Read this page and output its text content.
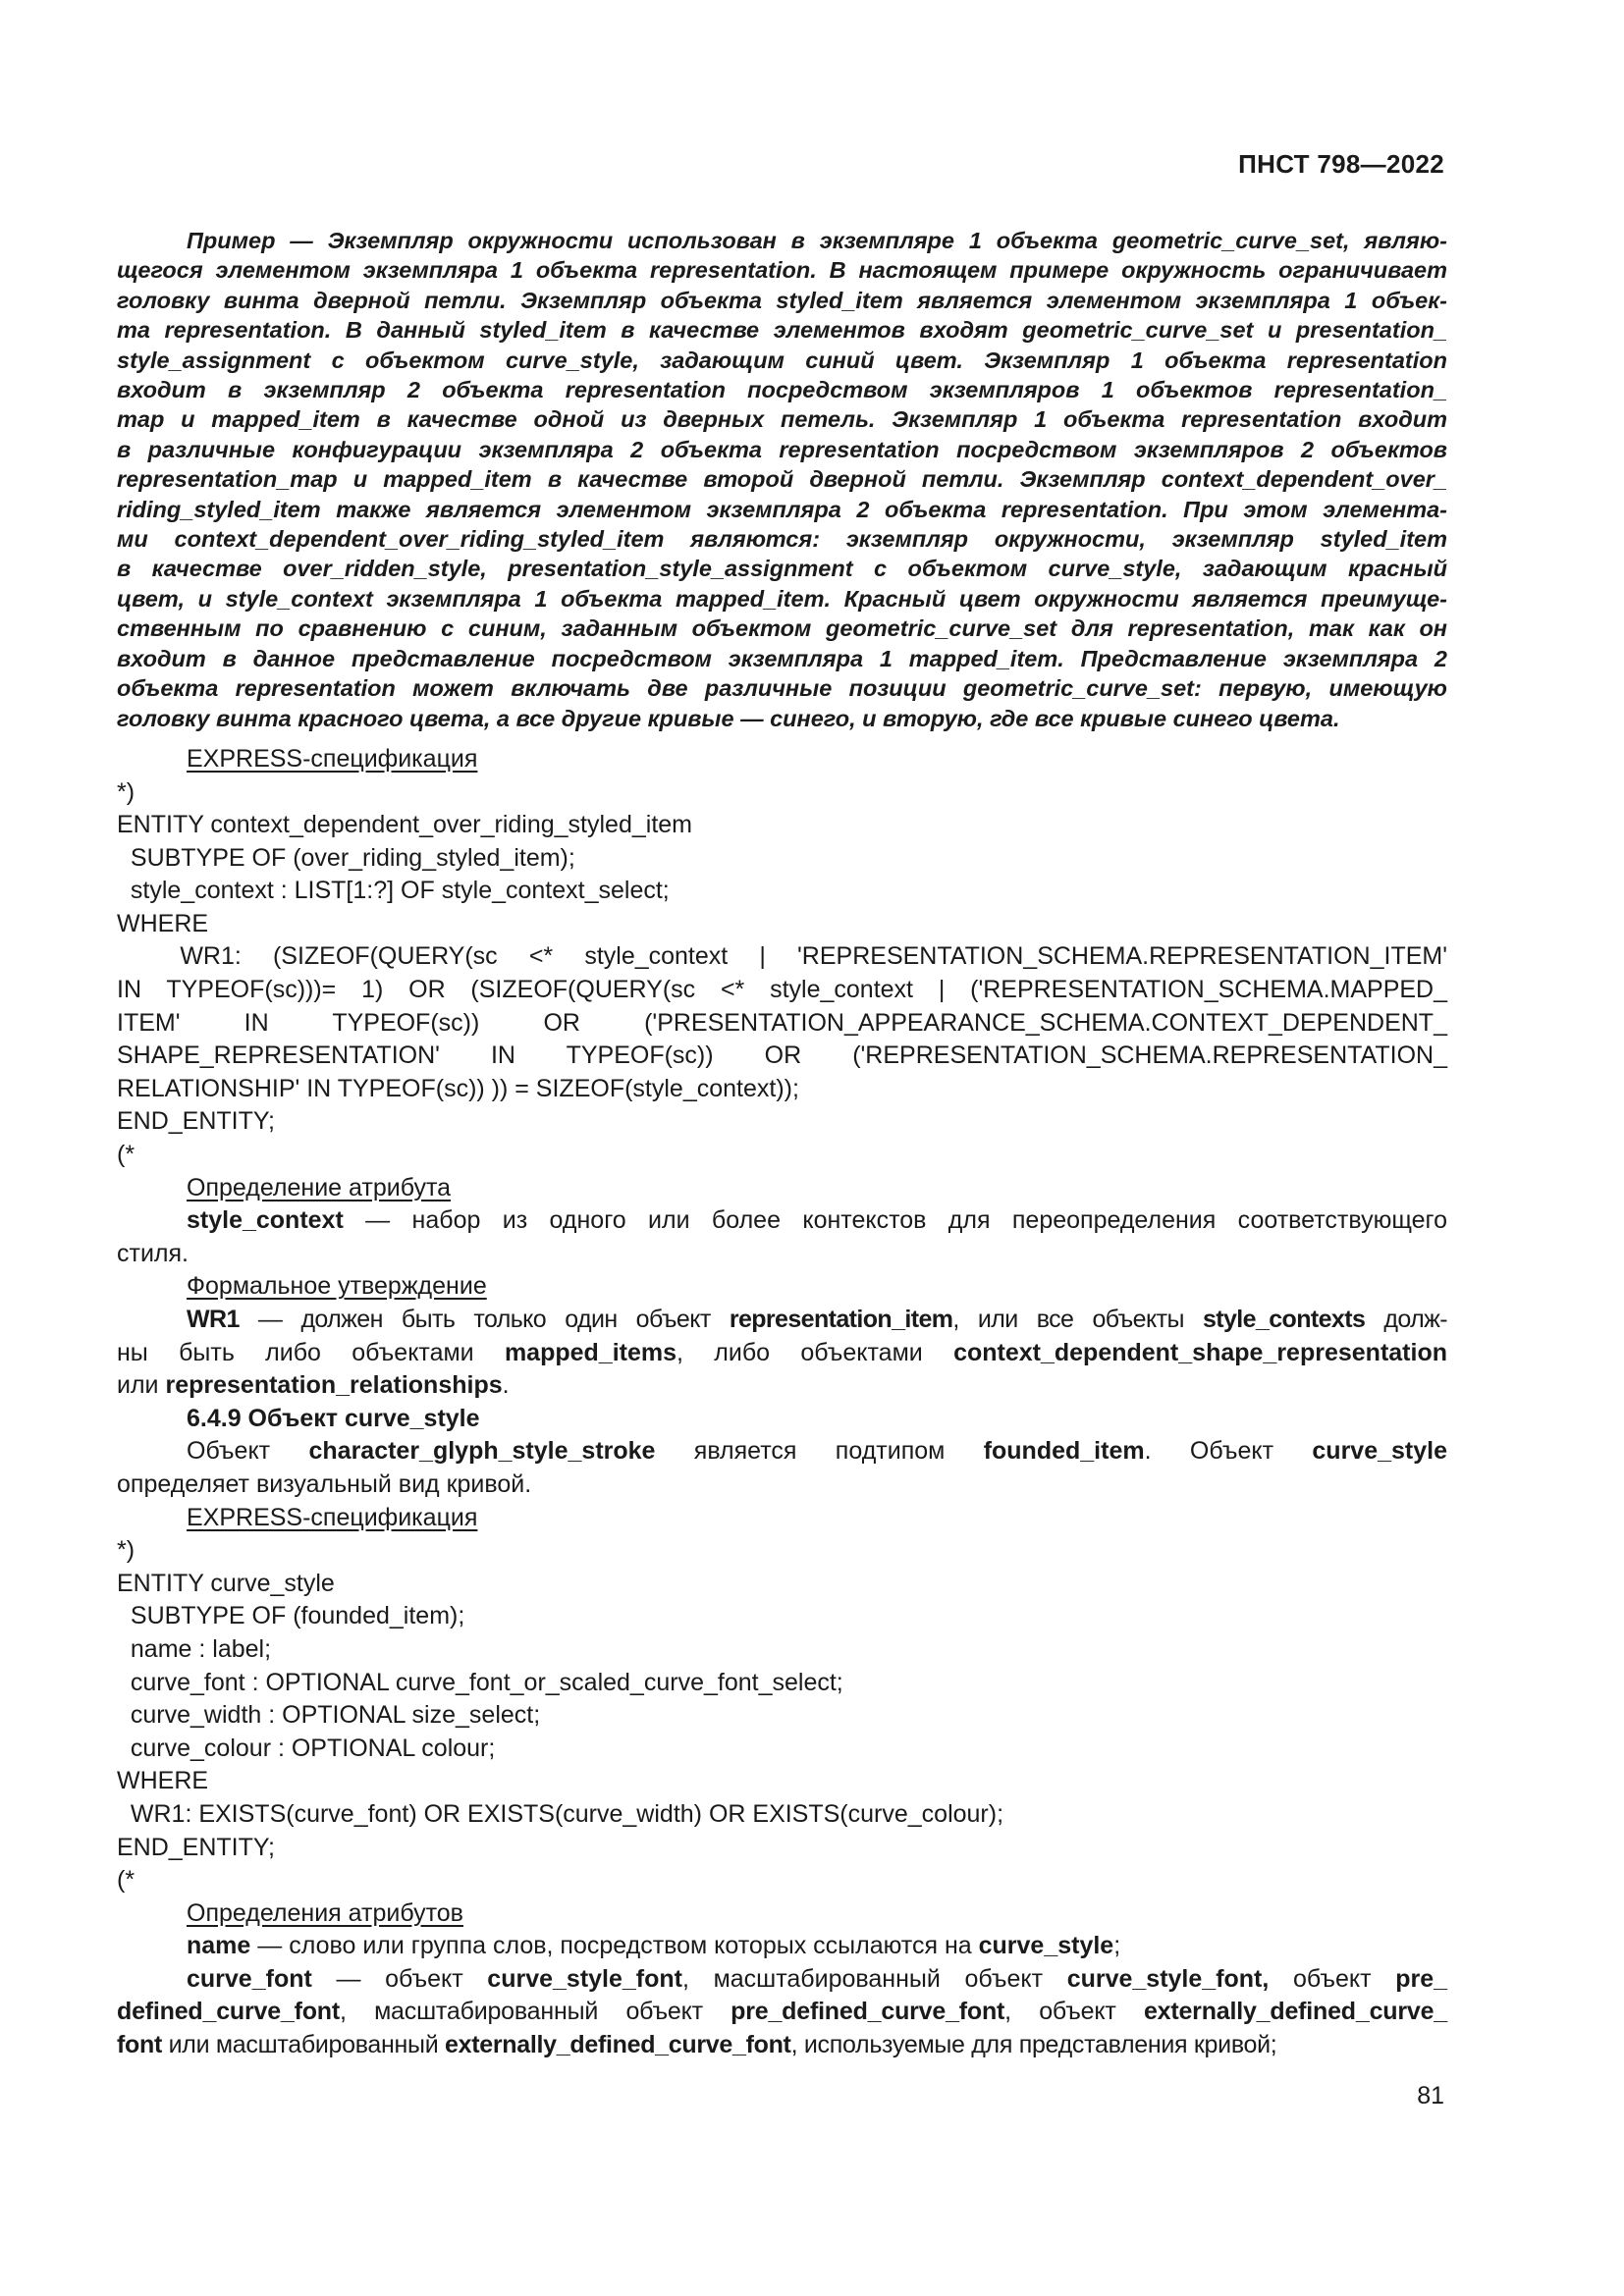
ПНСТ 798—2022

Пример — Экземпляр окружности использован в экземпляре 1 объекта geometric_curve_set, являю-

щегося элементом экземпляра 1 объекта representation. В настоящем примере окружность ограничивает

головку винта дверной петли. Экземпляр объекта styled_item является элементом экземпляра 1 объек-

та representation. В данный styled_item в качестве элементов входят geometric_curve_set и presentation_

style_assignment с объектом curve_style, задающим синий цвет. Экземпляр 1 объекта representation

входит в экземпляр 2 объекта representation посредством экземпляров 1 объектов representation_

map и mapped_item в качестве одной из дверных петель. Экземпляр 1 объекта representation входит

в различные конфигурации экземпляра 2 объекта representation посредством экземпляров 2 объектов

representation_map и mapped_item в качестве второй дверной петли. Экземпляр context_dependent_over_

riding_styled_item также является элементом экземпляра 2 объекта representation. При этом элемента-

ми context_dependent_over_riding_styled_item являются: экземпляр окружности, экземпляр styled_item

в качестве over_ridden_style, presentation_style_assignment с объектом curve_style, задающим красный

цвет, и style_context экземпляра 1 объекта mapped_item. Красный цвет окружности является преимуще-

ственным по сравнению с синим, заданным объектом geometric_curve_set для representation, так как он

входит в данное представление посредством экземпляра 1 mapped_item. Представление экземпляра 2

объекта representation может включать две различные позиции geometric_curve_set: первую, имеющую

головку винта красного цвета, а все другие кривые — синего, и вторую, где все кривые синего цвета.

EXPRESS-спецификация

*)

ENTITY context_dependent_over_riding_styled_item

SUBTYPE OF (over_riding_styled_item);

style_context : LIST[1:?] OF style_context_select;

WHERE

WR1: (SIZEOF(QUERY(sc <* style_context | 'REPRESENTATION_SCHEMA.REPRESENTATION_ITEM'

IN TYPEOF(sc)))= 1) OR (SIZEOF(QUERY(sc <* style_context | ('REPRESENTATION_SCHEMA.MAPPED_

ITEM' IN TYPEOF(sc)) OR ('PRESENTATION_APPEARANCE_SCHEMA.CONTEXT_DEPENDENT_

SHAPE_REPRESENTATION' IN TYPEOF(sc)) OR ('REPRESENTATION_SCHEMA.REPRESENTATION_

RELATIONSHIP' IN TYPEOF(sc)) )) = SIZEOF(style_context));

END_ENTITY;

(*

Определение атрибута

style_context — набор из одного или более контекстов для переопределения соответствующего

стиля.

Формальное утверждение

WR1 — должен быть только один объект representation_item, или все объекты style_contexts долж-

ны быть либо объектами mapped_items, либо объектами context_dependent_shape_representation

или representation_relationships.

6.4.9 Объект curve_style

Объект character_glyph_style_stroke является подтипом founded_item. Объект curve_style

определяет визуальный вид кривой.

EXPRESS-спецификация

*)

ENTITY curve_style

SUBTYPE OF (founded_item);

name : label;

curve_font : OPTIONAL curve_font_or_scaled_curve_font_select;

curve_width : OPTIONAL size_select;

curve_colour : OPTIONAL colour;

WHERE

WR1: EXISTS(curve_font) OR EXISTS(curve_width) OR EXISTS(curve_colour);

END_ENTITY;

(*

Определения атрибутов

name — слово или группа слов, посредством которых ссылаются на curve_style;

curve_font — объект curve_style_font, масштабированный объект curve_style_font, объект pre_

defined_curve_font, масштабированный объект pre_defined_curve_font, объект externally_defined_curve_

font или масштабированный externally_defined_curve_font, используемые для представления кривой;

81
